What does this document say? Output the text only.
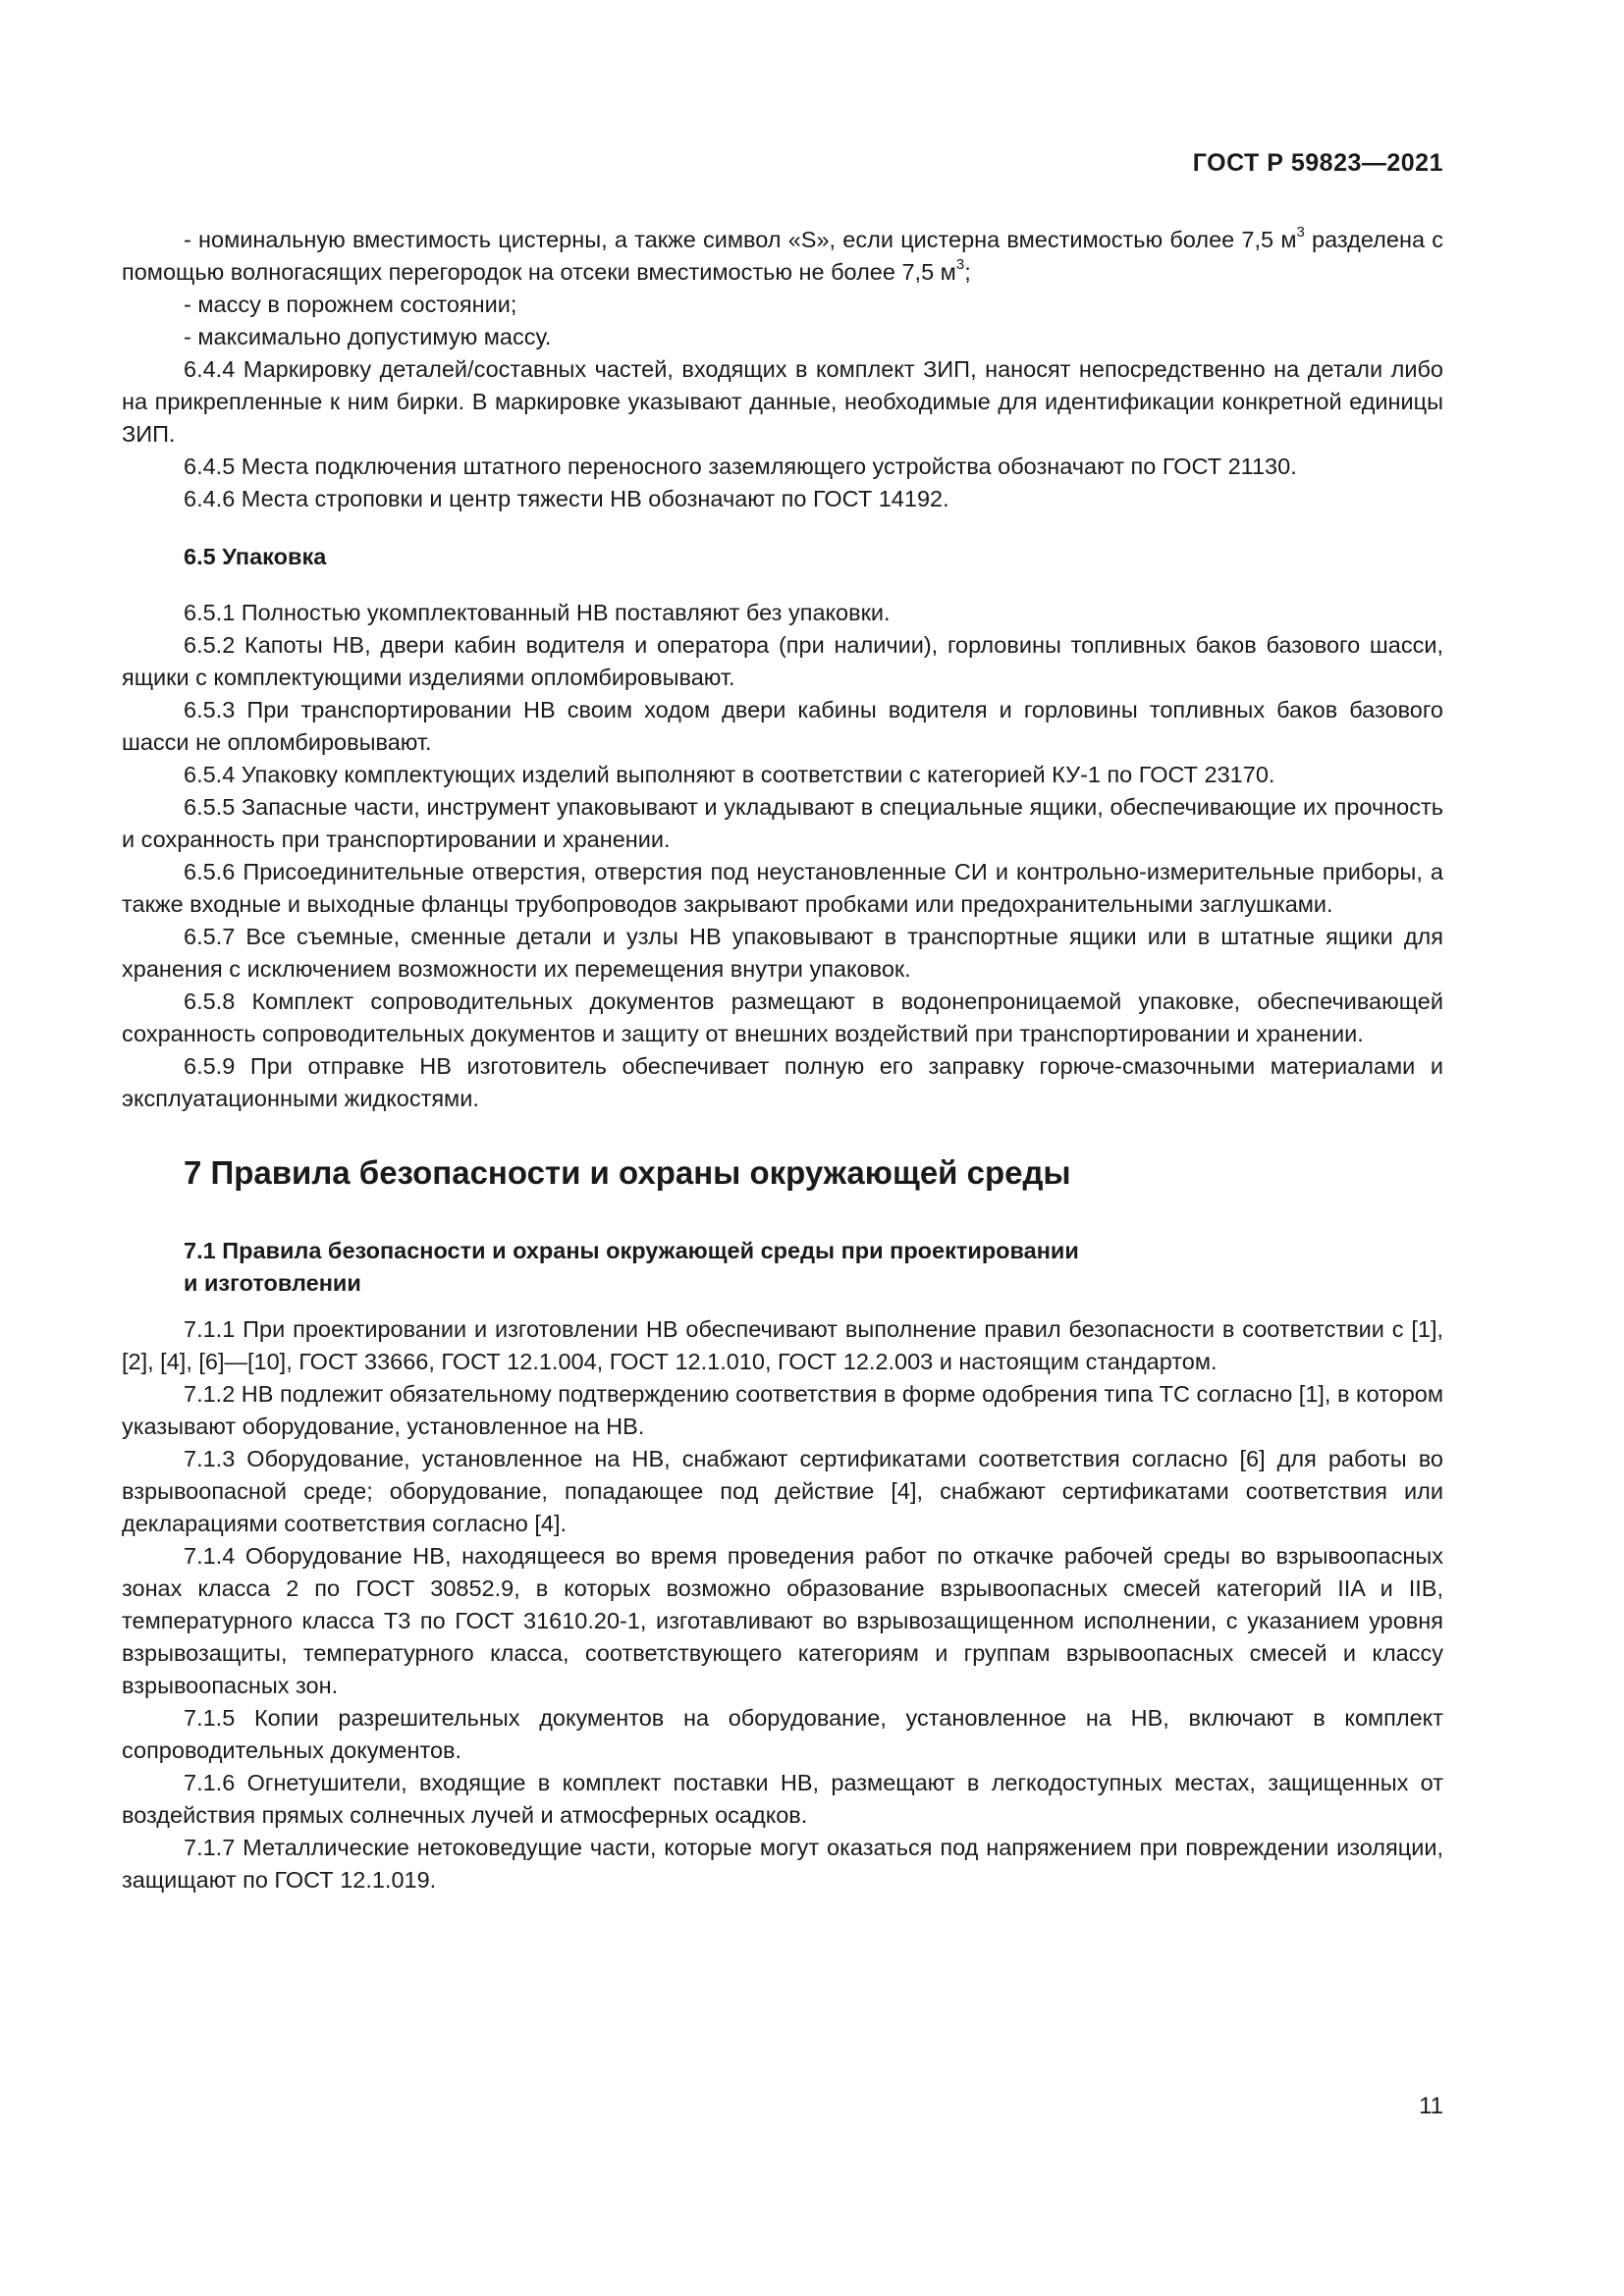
ГОСТ Р 59823—2021

- номинальную вместимость цистерны, а также символ «S», если цистерна вместимостью более 7,5 $м^3$ разделена с помощью волногасящих перегородок на отсеки вместимостью не более 7,5 $м^3$;

- массу в порожнем состоянии;

- максимально допустимую массу.

6.4.4 Маркировку деталей/составных частей, входящих в комплект ЗИП, наносят непосредственно на детали либо на прикрепленные к ним бирки. В маркировке указывают данные, необходимые для идентификации конкретной единицы ЗИП.

6.4.5 Места подключения штатного переносного заземляющего устройства обозначают по ГОСТ 21130.

6.4.6 Места строповки и центр тяжести НВ обозначают по ГОСТ 14192.

6.5 Упаковка

6.5.1 Полностью укомплектованный НВ поставляют без упаковки.

6.5.2 Капоты НВ, двери кабин водителя и оператора (при наличии), горловины топливных баков базового шасси, ящики с комплектующими изделиями опломбировывают.

6.5.3 При транспортировании НВ своим ходом двери кабины водителя и горловины топливных баков базового шасси не опломбировывают.

6.5.4 Упаковку комплектующих изделий выполняют в соответствии с категорией КУ-1 по ГОСТ 23170.

6.5.5 Запасные части, инструмент упаковывают и укладывают в специальные ящики, обеспечивающие их прочность и сохранность при транспортировании и хранении.

6.5.6 Присоединительные отверстия, отверстия под неустановленные СИ и контрольно-измерительные приборы, а также входные и выходные фланцы трубопроводов закрывают пробками или предохранительными заглушками.

6.5.7 Все съемные, сменные детали и узлы НВ упаковывают в транспортные ящики или в штатные ящики для хранения с исключением возможности их перемещения внутри упаковок.

6.5.8 Комплект сопроводительных документов размещают в водонепроницаемой упаковке, обеспечивающей сохранность сопроводительных документов и защиту от внешних воздействий при транспортировании и хранении.

6.5.9 При отправке НВ изготовитель обеспечивает полную его заправку горюче-смазочными материалами и эксплуатационными жидкостями.

7 Правила безопасности и охраны окружающей среды
7.1 Правила безопасности и охраны окружающей среды при проектировании
и изготовлении

7.1.1 При проектировании и изготовлении НВ обеспечивают выполнение правил безопасности в соответствии с [1], [2], [4], [6]—[10], ГОСТ 33666, ГОСТ 12.1.004, ГОСТ 12.1.010, ГОСТ 12.2.003 и настоящим стандартом.

7.1.2 НВ подлежит обязательному подтверждению соответствия в форме одобрения типа ТС согласно [1], в котором указывают оборудование, установленное на НВ.

7.1.3 Оборудование, установленное на НВ, снабжают сертификатами соответствия согласно [6] для работы во взрывоопасной среде; оборудование, попадающее под действие [4], снабжают сертификатами соответствия или декларациями соответствия согласно [4].

7.1.4 Оборудование НВ, находящееся во время проведения работ по откачке рабочей среды во взрывоопасных зонах класса 2 по ГОСТ 30852.9, в которых возможно образование взрывоопасных смесей категорий IIA и IIB, температурного класса Т3 по ГОСТ 31610.20-1, изготавливают во взрывозащищенном исполнении, с указанием уровня взрывозащиты, температурного класса, соответствующего категориям и группам взрывоопасных смесей и классу взрывоопасных зон.

7.1.5 Копии разрешительных документов на оборудование, установленное на НВ, включают в комплект сопроводительных документов.

7.1.6 Огнетушители, входящие в комплект поставки НВ, размещают в легкодоступных местах, защищенных от воздействия прямых солнечных лучей и атмосферных осадков.

7.1.7 Металлические нетоковедущие части, которые могут оказаться под напряжением при повреждении изоляции, защищают по ГОСТ 12.1.019.

11
